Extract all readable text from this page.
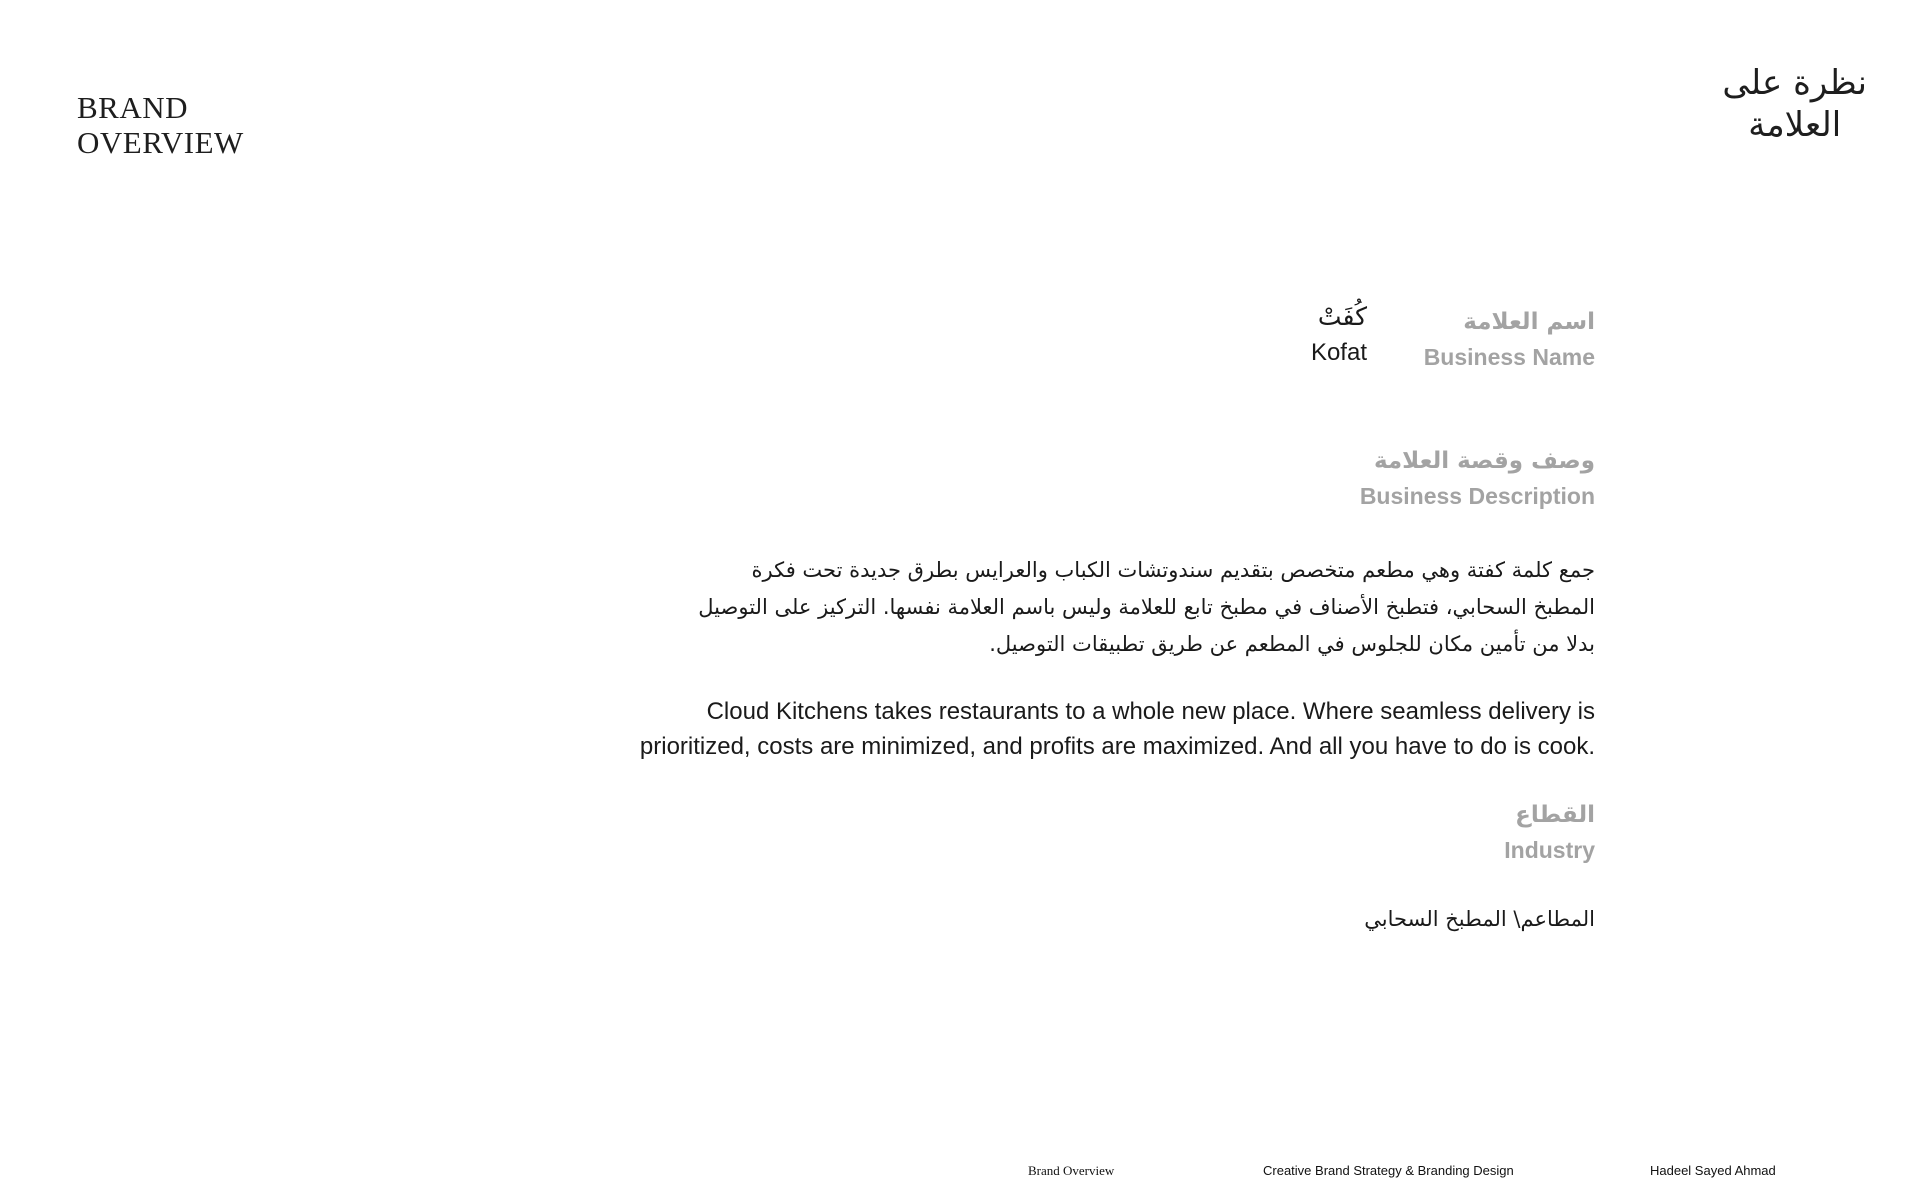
BRAND
OVERVIEW
نظرة على
العلامة
اسم العلامة
Business Name
كُفَتْ
Kofat
وصف وقصة العلامة
Business Description
جمع كلمة كفتة وهي مطعم متخصص بتقديم سندوتشات الكباب والعرايس بطرق جديدة تحت فكرة
المطبخ السحابي، فتطبخ الأصناف في مطبخ تابع للعلامة وليس باسم العلامة نفسها. التركيز على التوصيل
بدلا من تأمين مكان للجلوس في المطعم عن طريق تطبيقات التوصيل.
Cloud Kitchens takes restaurants to a whole new place. Where seamless delivery is
prioritized, costs are minimized, and profits are maximized. And all you have to do is cook.
القطاع
Industry
المطاعم\ المطبخ السحابي
Brand Overview	Creative Brand Strategy & Branding Design	Hadeel Sayed Ahmad
